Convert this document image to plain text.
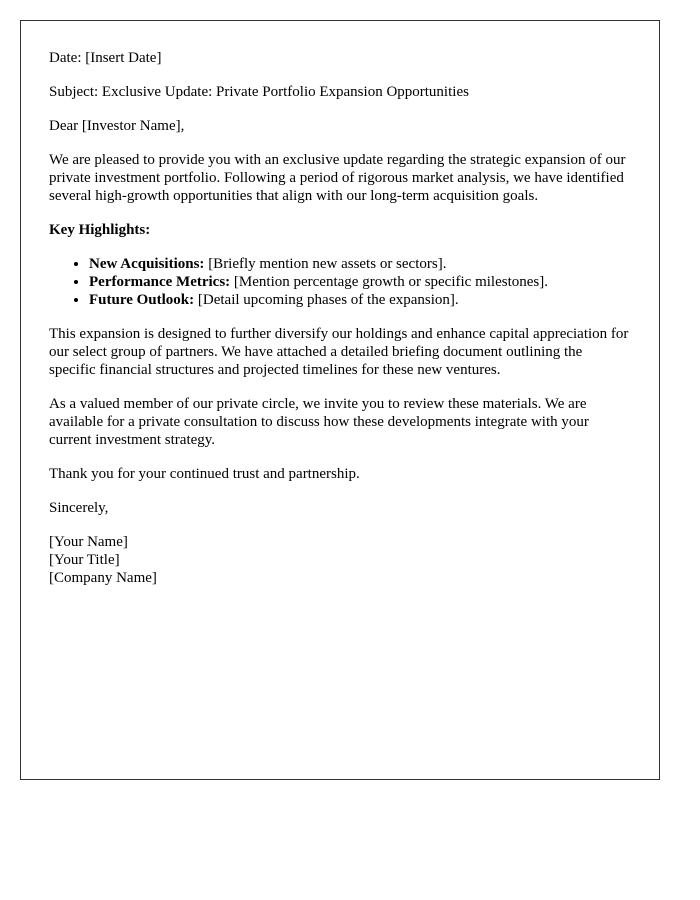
Date: [Insert Date]

Subject: Exclusive Update: Private Portfolio Expansion Opportunities

Dear [Investor Name],

We are pleased to provide you with an exclusive update regarding the strategic expansion of our private investment portfolio. Following a period of rigorous market analysis, we have identified several high-growth opportunities that align with our long-term acquisition goals.

Key Highlights:

• New Acquisitions: [Briefly mention new assets or sectors].
• Performance Metrics: [Mention percentage growth or specific milestones].
• Future Outlook: [Detail upcoming phases of the expansion].

This expansion is designed to further diversify our holdings and enhance capital appreciation for our select group of partners. We have attached a detailed briefing document outlining the specific financial structures and projected timelines for these new ventures.

As a valued member of our private circle, we invite you to review these materials. We are available for a private consultation to discuss how these developments integrate with your current investment strategy.

Thank you for your continued trust and partnership.

Sincerely,

[Your Name]
[Your Title]
[Company Name]
